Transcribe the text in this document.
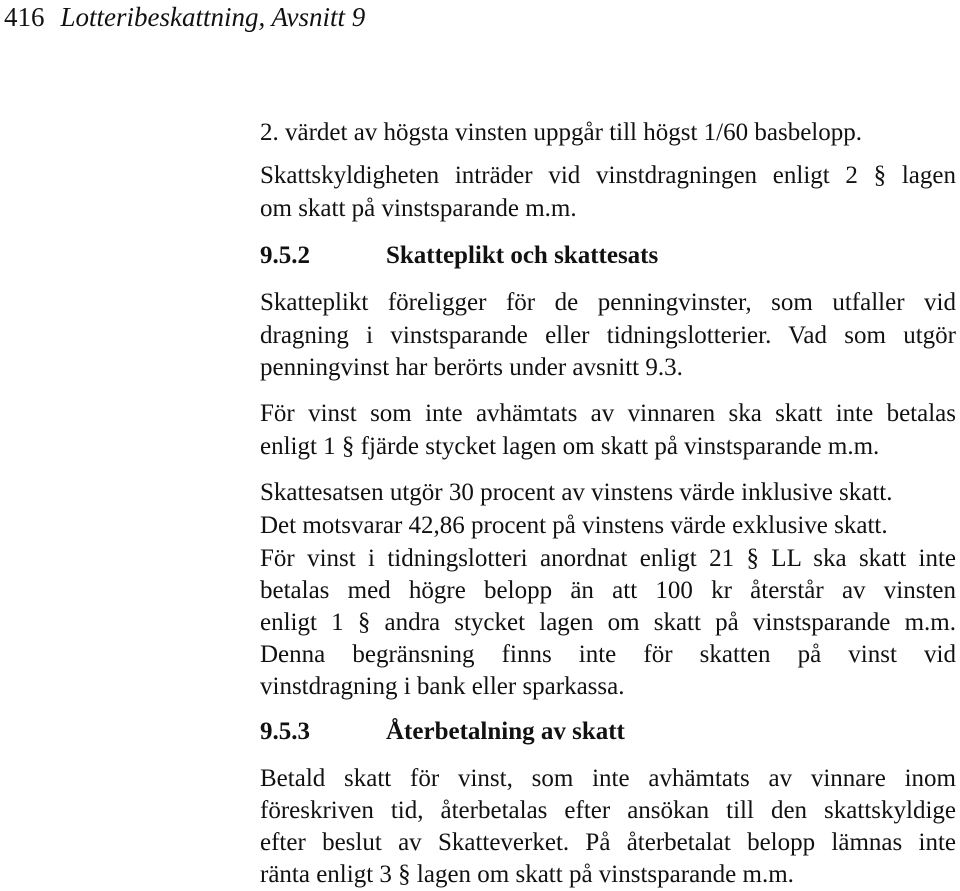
416 Lotteribeskattning, Avsnitt 9
2. värdet av högsta vinsten uppgår till högst 1/60 basbelopp.
Skattskyldigheten inträder vid vinstdragningen enligt 2 § lagen
om skatt på vinstsparande m.m.
9.5.2	Skatteplikt och skattesats
Skatteplikt föreligger för de penningvinster, som utfaller vid
dragning i vinstsparande eller tidningslotterier. Vad som utgör
penningvinst har berörts under avsnitt 9.3.
För vinst som inte avhämtats av vinnaren ska skatt inte betalas
enligt 1 § fjärde stycket lagen om skatt på vinstsparande m.m.
Skattesatsen utgör 30 procent av vinstens värde inklusive skatt.
Det motsvarar 42,86 procent på vinstens värde exklusive skatt.
För vinst i tidningslotteri anordnat enligt 21 § LL ska skatt inte
betalas med högre belopp än att 100 kr återstår av vinsten
enligt 1 § andra stycket lagen om skatt på vinstsparande m.m.
Denna begränsning finns inte för skatten på vinst vid
vinstdragning i bank eller sparkassa.
9.5.3	Återbetalning av skatt
Betald skatt för vinst, som inte avhämtats av vinnare inom
föreskriven tid, återbetalas efter ansökan till den skattskyldige
efter beslut av Skatteverket. På återbetalat belopp lämnas inte
ränta enligt 3 § lagen om skatt på vinstsparande m.m.
